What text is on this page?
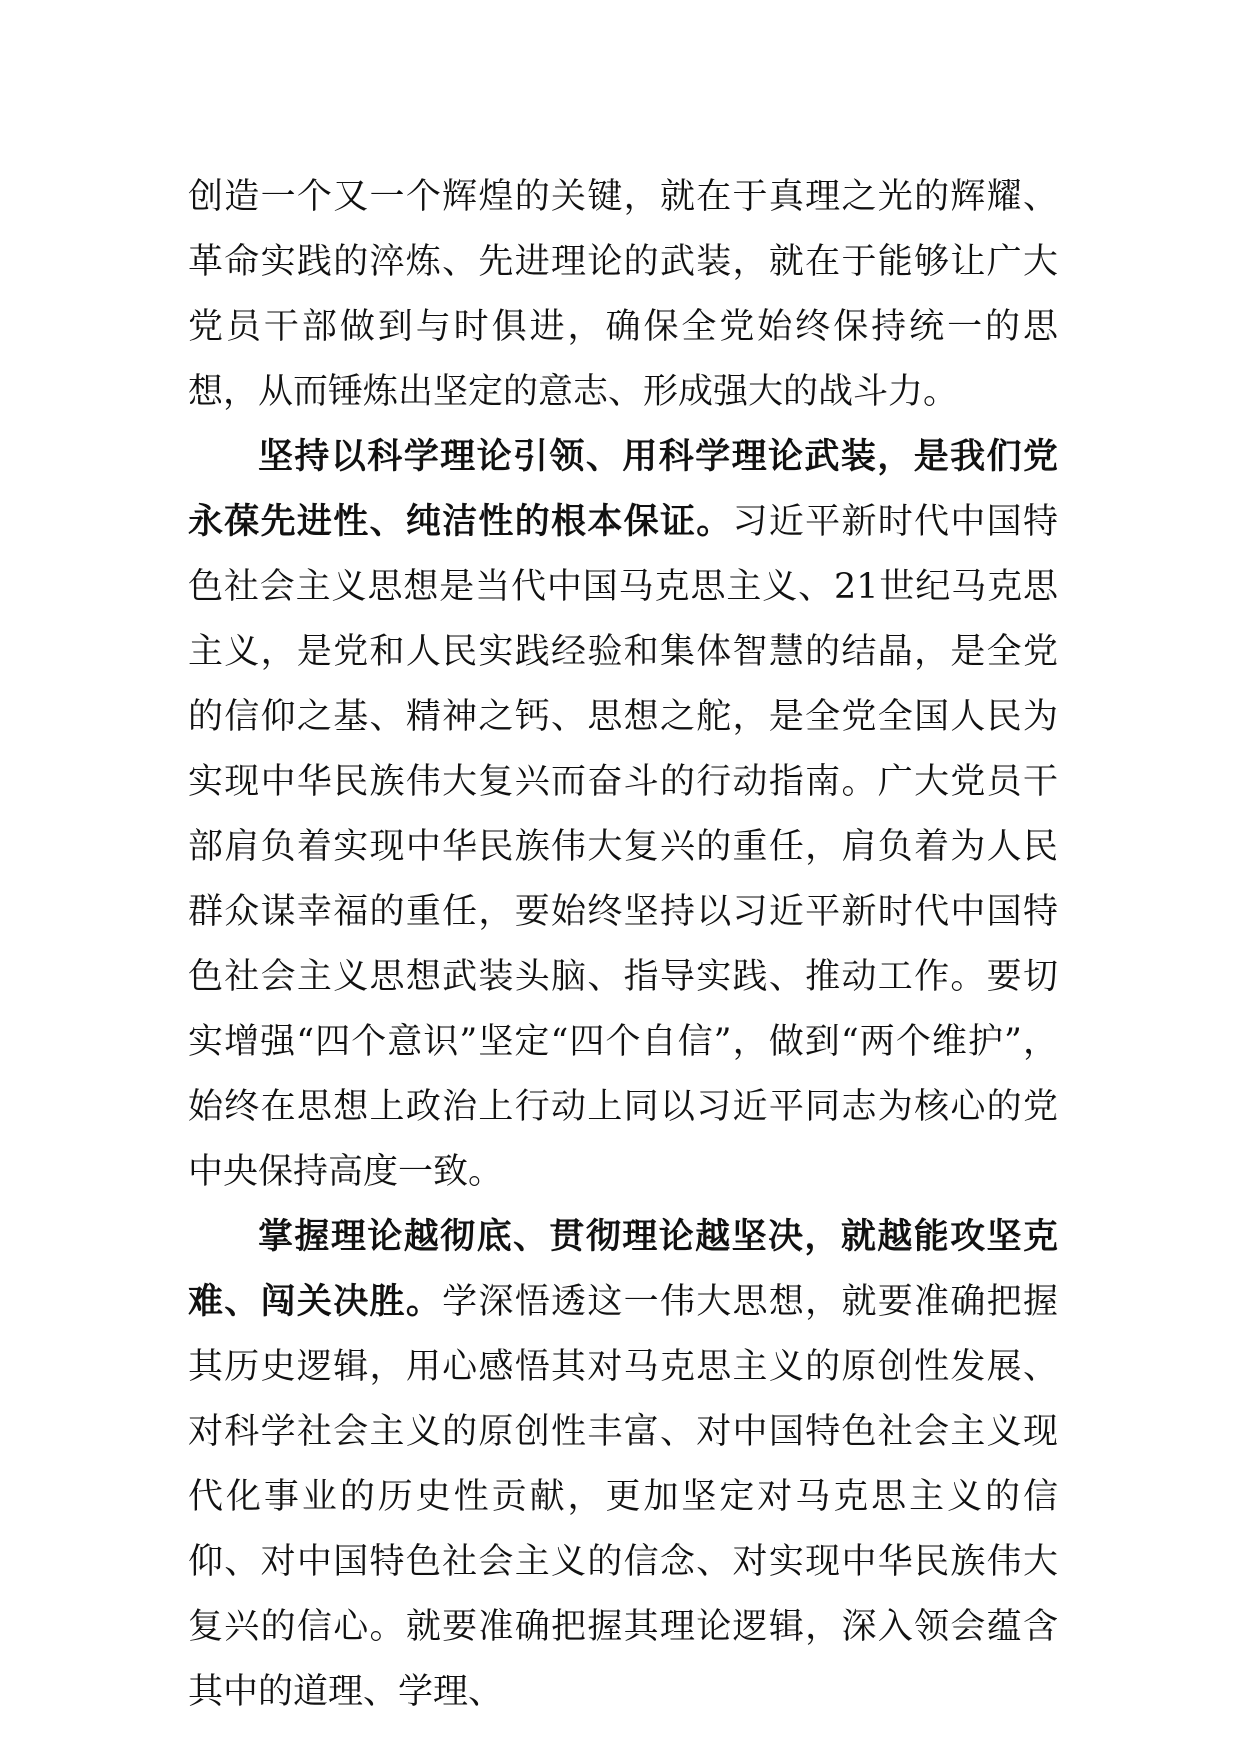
创造一个又一个辉煌的关键，就在于真理之光的辉耀、革命实践的淬炼、先进理论的武装，就在于能够让广大党员干部做到与时俱进，确保全党始终保持统一的思想，从而锤炼出坚定的意志、形成强大的战斗力。

坚持以科学理论引领、用科学理论武装，是我们党永葆先进性、纯洁性的根本保证。习近平新时代中国特色社会主义思想是当代中国马克思主义、21世纪马克思主义，是党和人民实践经验和集体智慧的结晶，是全党的信仰之基、精神之钙、思想之舵，是全党全国人民为实现中华民族伟大复兴而奋斗的行动指南。广大党员干部肩负着实现中华民族伟大复兴的重任，肩负着为人民群众谋幸福的重任，要始终坚持以习近平新时代中国特色社会主义思想武装头脑、指导实践、推动工作。要切实增强“四个意识”坚定“四个自信”，做到“两个维护”，始终在思想上政治上行动上同以习近平同志为核心的党中央保持高度一致。

掌握理论越彻底、贯彻理论越坚决，就越能攻坚克难、闯关决胜。学深悟透这一伟大思想，就要准确把握其历史逻辑，用心感悟其对马克思主义的原创性发展、对科学社会主义的原创性丰富、对中国特色社会主义现代化事业的历史性贡献，更加坚定对马克思主义的信仰、对中国特色社会主义的信念、对实现中华民族伟大复兴的信心。就要准确把握其理论逻辑，深入领会蕴含其中的道理、学理、
